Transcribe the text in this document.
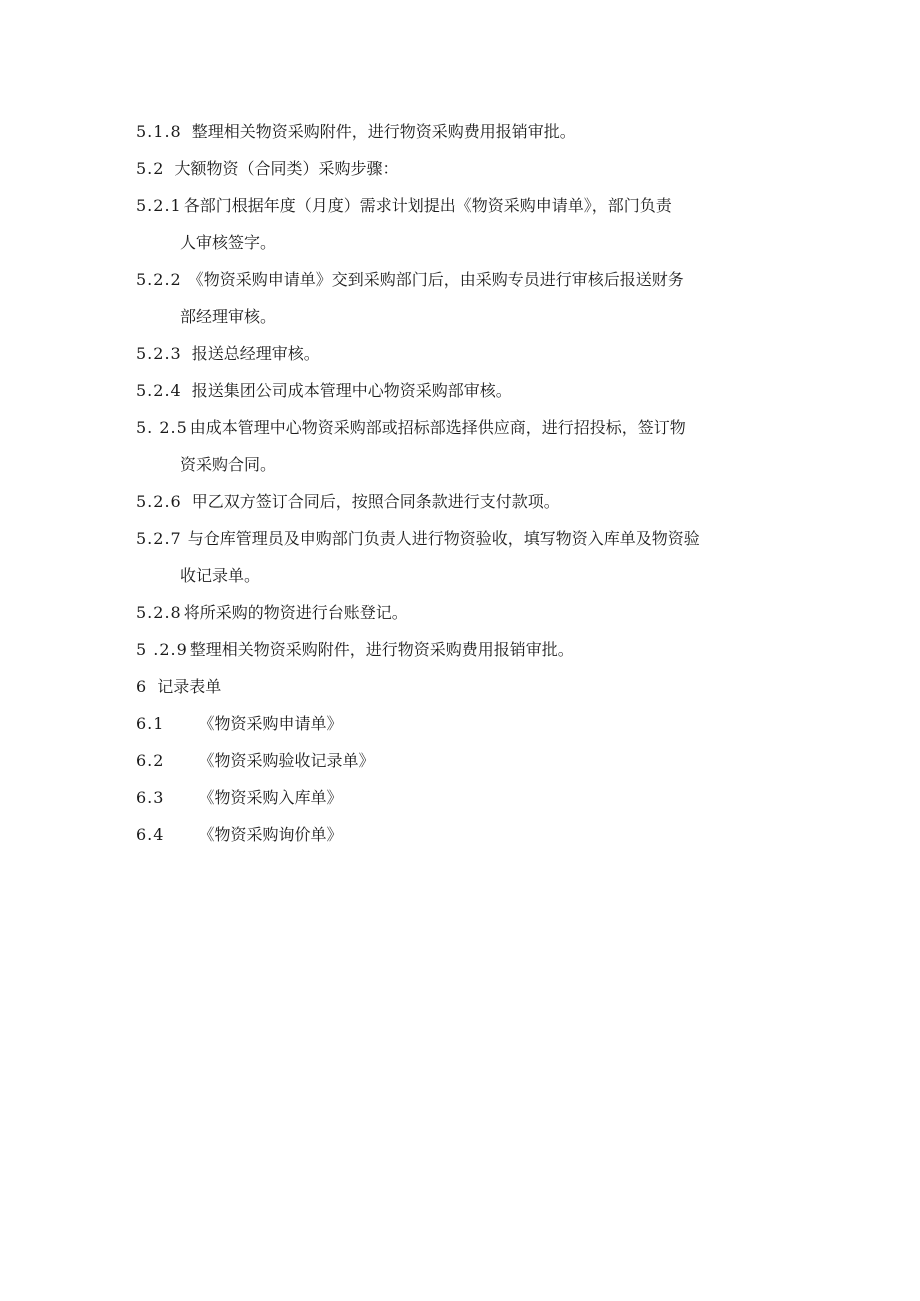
5.1.8 整理相关物资采购附件，进行物资采购费用报销审批。
5.2 大额物资（合同类）采购步骤：
5.2.1 各部门根据年度（月度）需求计划提出《物资采购申请单》，部门负责
人审核签字。
5.2.2 《物资采购申请单》交到采购部门后，由采购专员进行审核后报送财务
部经理审核。
5.2.3 报送总经理审核。
5.2.4 报送集团公司成本管理中心物资采购部审核。
5. 2.5 由成本管理中心物资采购部或招标部选择供应商，进行招投标，签订物
资采购合同。
5.2.6 甲乙双方签订合同后，按照合同条款进行支付款项。
5.2.7 与仓库管理员及申购部门负责人进行物资验收，填写物资入库单及物资验
收记录单。
5.2.8 将所采购的物资进行台账登记。
5 .2.9 整理相关物资采购附件，进行物资采购费用报销审批。
6 记录表单
6.1 《物资采购申请单》
6.2 《物资采购验收记录单》
6.3 《物资采购入库单》
6.4 《物资采购询价单》
